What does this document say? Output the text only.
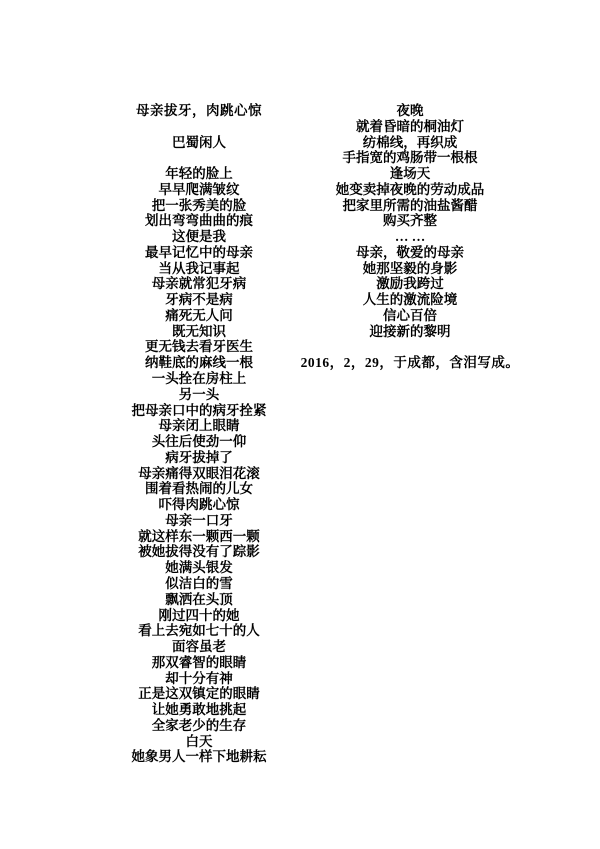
母亲拔牙，肉跳心惊

巴蜀闲人

年轻的脸上
早早爬满皱纹
把一张秀美的脸
划出弯弯曲曲的痕
这便是我
最早记忆中的母亲
当从我记事起
母亲就常犯牙病
牙病不是病
痛死无人问
既无知识
更无钱去看牙医生
纳鞋底的麻线一根
一头拴在房柱上
另一头
把母亲口中的病牙拴紧
母亲闭上眼睛
头往后使劲一仰
病牙拔掉了
母亲痛得双眼泪花滚
围着看热闹的儿女
吓得肉跳心惊
母亲一口牙
就这样东一颗西一颗
被她拔得没有了踪影
她满头银发
似洁白的雪
飘洒在头顶
刚过四十的她
看上去宛如七十的人
面容虽老
那双睿智的眼睛
却十分有神
正是这双镇定的眼睛
让她勇敢地挑起
全家老少的生存
白天
她象男人一样下地耕耘
夜晚
就着昏暗的桐油灯
纺棉线，再织成
手指宽的鸡肠带一根根
逢场天
她变卖掉夜晚的劳动成品
把家里所需的油盐酱醋
购买齐整
… …
母亲，敬爱的母亲
她那坚毅的身影
激励我跨过
人生的激流险境
信心百倍
迎接新的黎明

2016，2，29，于成都，含泪写成。
